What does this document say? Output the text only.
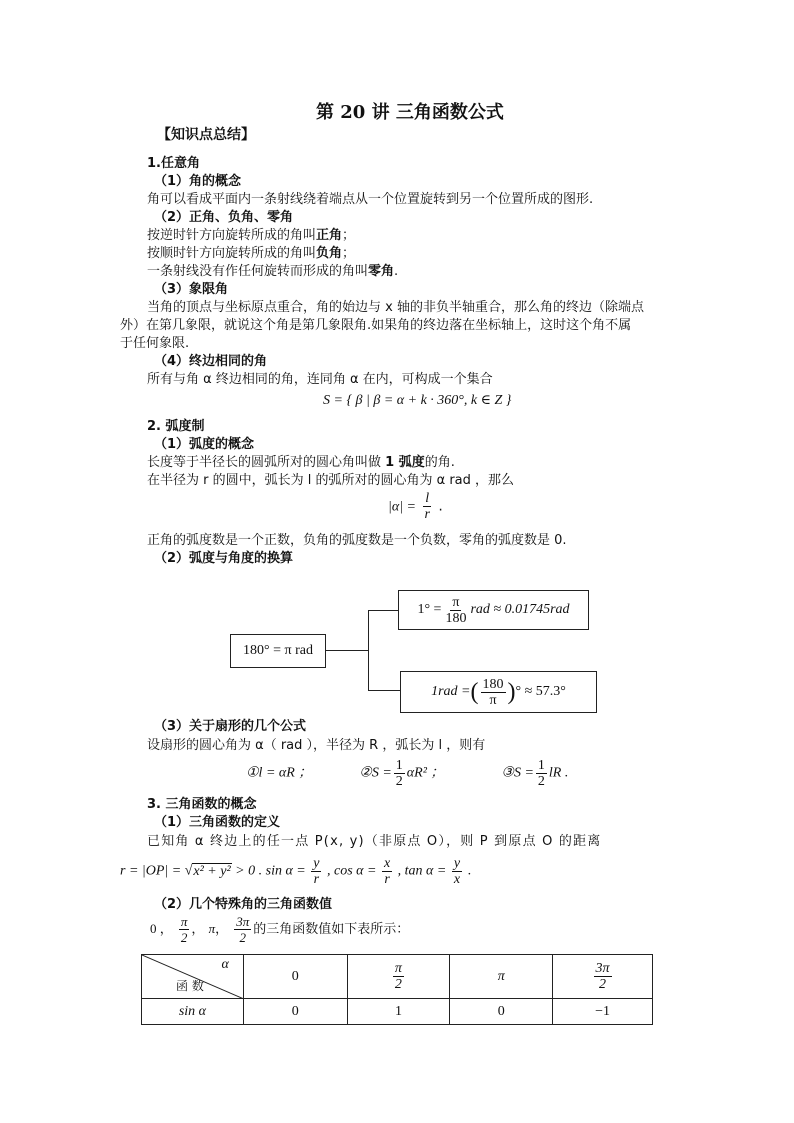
第 20 讲 三角函数公式
【知识点总结】
1.任意角
（1）角的概念
角可以看成平面内一条射线绕着端点从一个位置旋转到另一个位置所成的图形.
（2）正角、负角、零角
按逆时针方向旋转所成的角叫正角；
按顺时针方向旋转所成的角叫负角；
一条射线没有作任何旋转而形成的角叫零角.
（3）象限角
当角的顶点与坐标原点重合，角的始边与 x 轴的非负半轴重合，那么角的终边（除端点
外）在第几象限，就说这个角是第几象限角.如果角的终边落在坐标轴上，这时这个角不属
于任何象限.
（4）终边相同的角
所有与角 α 终边相同的角，连同角 α 在内，可构成一个集合
S = { β | β = α + k · 360°, k ∈ Z }
2. 弧度制
（1）弧度的概念
长度等于半径长的圆弧所对的圆心角叫做 1 弧度的角.
在半径为 r 的圆中，弧长为 l 的弧所对的圆心角为 α rad ，那么
$|\alpha| = \frac{l}{r}$ .
正角的弧度数是一个正数，负角的弧度数是一个负数，零角的弧度数是 0.
（2）弧度与角度的换算
180° = π rad
$1^\circ = \frac{\pi}{180}$ rad ≈ 0.01745rad
1rad = ( $\frac{180}{\pi}$ ) ° ≈ 57.3°
（3）关于扇形的几个公式
设扇形的圆心角为 α（ rad ），半径为 R ，弧长为 l ，则有
①l = αR ；	②S = $\frac{1}{2} \alpha R^2$ ；	③S = $\frac{1}{2}$ lR .
3. 三角函数的概念
（1）三角函数的定义
已知角 α 终边上的任一点 P(x, y)（非原点 O），则 P 到原点 O 的距离
r = |OP| = √x² + y² > 0 . $\sin \alpha = \frac{y}{r}$ , $\cos \alpha = \frac{x}{r}$ , $\tan \alpha = \frac{y}{x}$ .
（2）几个特殊角的三角函数值
0 ， $\frac{\pi}{2}$ ， π， $\frac{3\pi}{2}$ 的三角函数值如下表所示：
α
函 数	0	$\frac{\pi}{2}$	π	$\frac{3\pi}{2}$

sin α	0	1	0	−1
